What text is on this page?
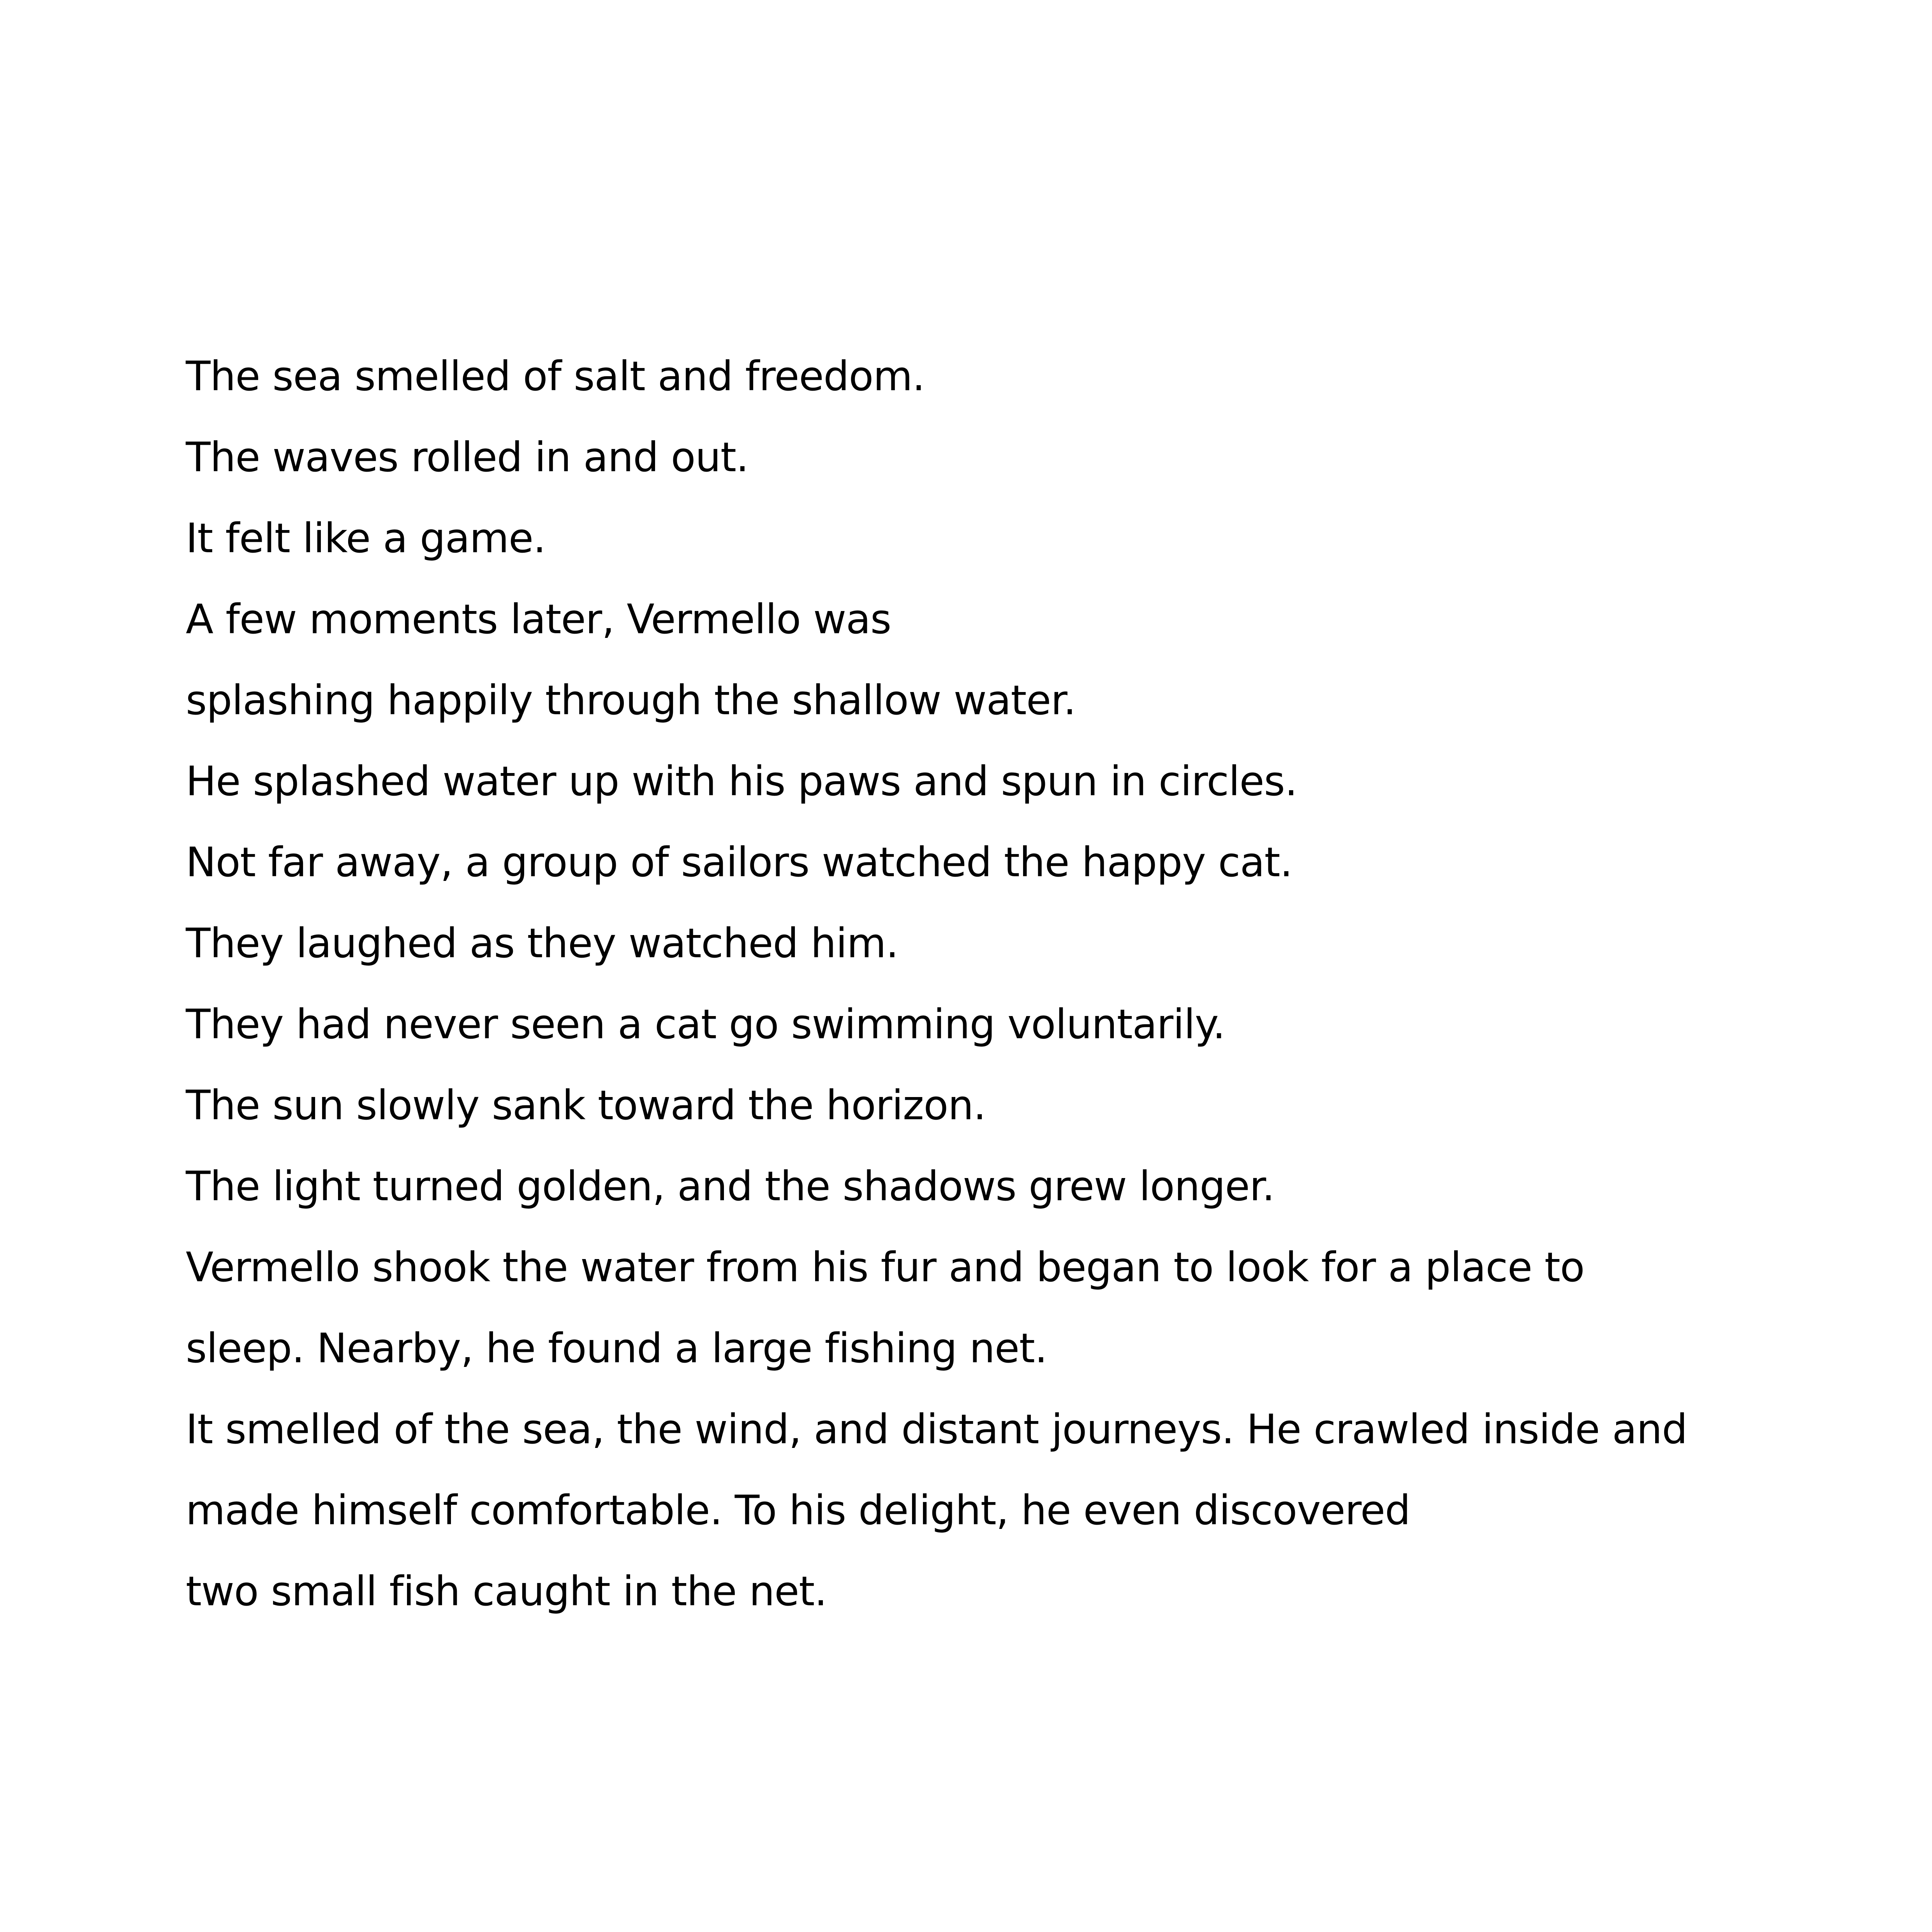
The sea smelled of salt and freedom.
The waves rolled in and out.
It felt like a game.
A few moments later, Vermello was
splashing happily through the shallow water.
He splashed water up with his paws and spun in circles.
Not far away, a group of sailors watched the happy cat.
They laughed as they watched him.
They had never seen a cat go swimming voluntarily.
The sun slowly sank toward the horizon.
The light turned golden, and the shadows grew longer.
Vermello shook the water from his fur and began to look for a place to
sleep. Nearby, he found a large fishing net.
It smelled of the sea, the wind, and distant journeys. He crawled inside and
made himself comfortable. To his delight, he even discovered
two small fish caught in the net.
